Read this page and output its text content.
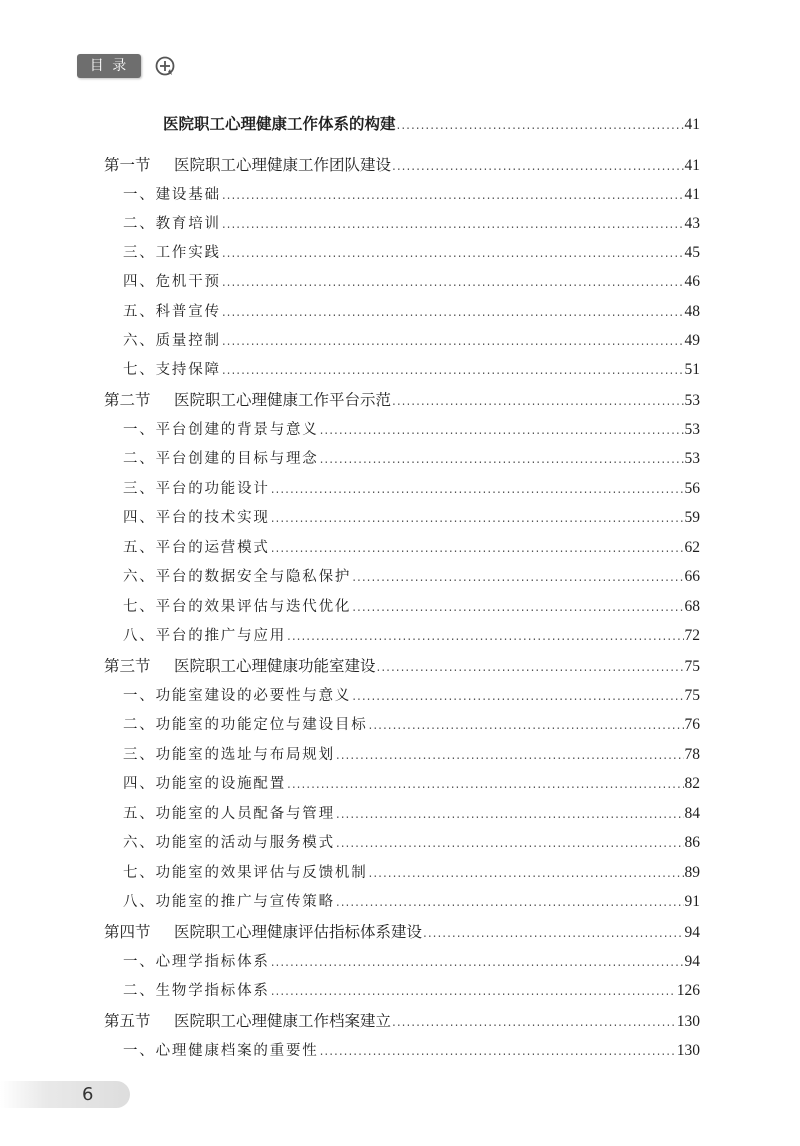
目 录
医院职工心理健康工作体系的构建 .....	41
第一节 医院职工心理健康工作团队建设 .....	41
一、建设基础 .....	41
二、教育培训 .....	43
三、工作实践 .....	45
四、危机干预 .....	46
五、科普宣传 .....	48
六、质量控制 .....	49
七、支持保障 .....	51
第二节 医院职工心理健康工作平台示范 .....	53
一、平台创建的背景与意义 .....	53
二、平台创建的目标与理念 .....	53
三、平台的功能设计 .....	56
四、平台的技术实现 .....	59
五、平台的运营模式 .....	62
六、平台的数据安全与隐私保护 .....	66
七、平台的效果评估与迭代优化 .....	68
八、平台的推广与应用 .....	72
第三节 医院职工心理健康功能室建设 .....	75
一、功能室建设的必要性与意义 .....	75
二、功能室的功能定位与建设目标 .....	76
三、功能室的选址与布局规划 .....	78
四、功能室的设施配置 .....	82
五、功能室的人员配备与管理 .....	84
六、功能室的活动与服务模式 .....	86
七、功能室的效果评估与反馈机制 .....	89
八、功能室的推广与宣传策略 .....	91
第四节 医院职工心理健康评估指标体系建设 .....	94
一、心理学指标体系 .....	94
二、生物学指标体系 .....	126
第五节 医院职工心理健康工作档案建立 .....	130
一、心理健康档案的重要性 .....	130
6
